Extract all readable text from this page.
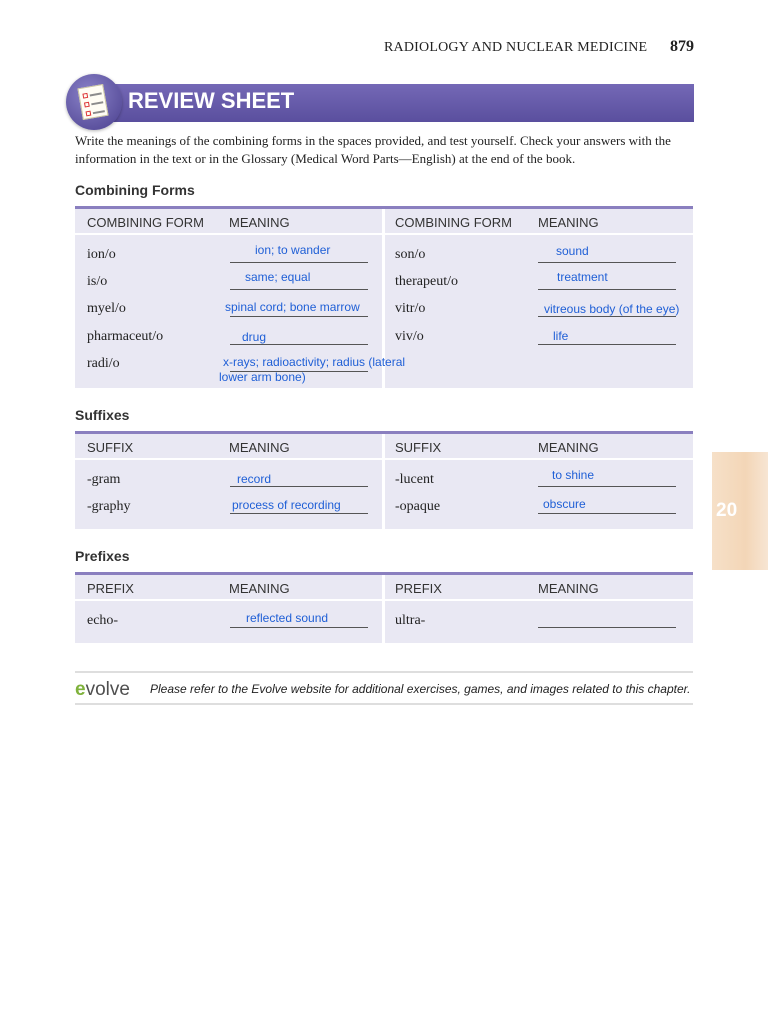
RADIOLOGY AND NUCLEAR MEDICINE 879
REVIEW SHEET

Write the meanings of the combining forms in the spaces provided, and test yourself. Check your answers with the information in the text or in the Glossary (Medical Word Parts—English) at the end of the book.

Combining Forms
COMBINING FORM MEANING	COMBINING FORM MEANING
ion/o	ion; to wander
is/o	same; equal
myel/o	spinal cord; bone marrow
pharmaceut/o	drug
radi/o	x-rays; radioactivity; radius (lateral
lower arm bone)
son/o	sound
therapeut/o	treatment
vitr/o	vitreous body (of the eye)
viv/o	life
Suffixes
SUFFIX	MEANING	SUFFIX	MEANING
-gram	record
-graphy	process of recording
-lucent	to shine
-opaque	obscure
Prefixes
PREFIX	MEANING	PREFIX	MEANING
echo-	reflected sound	ultra-
evolve Please refer to the Evolve website for additional exercises, games, and images related to this chapter.
20
